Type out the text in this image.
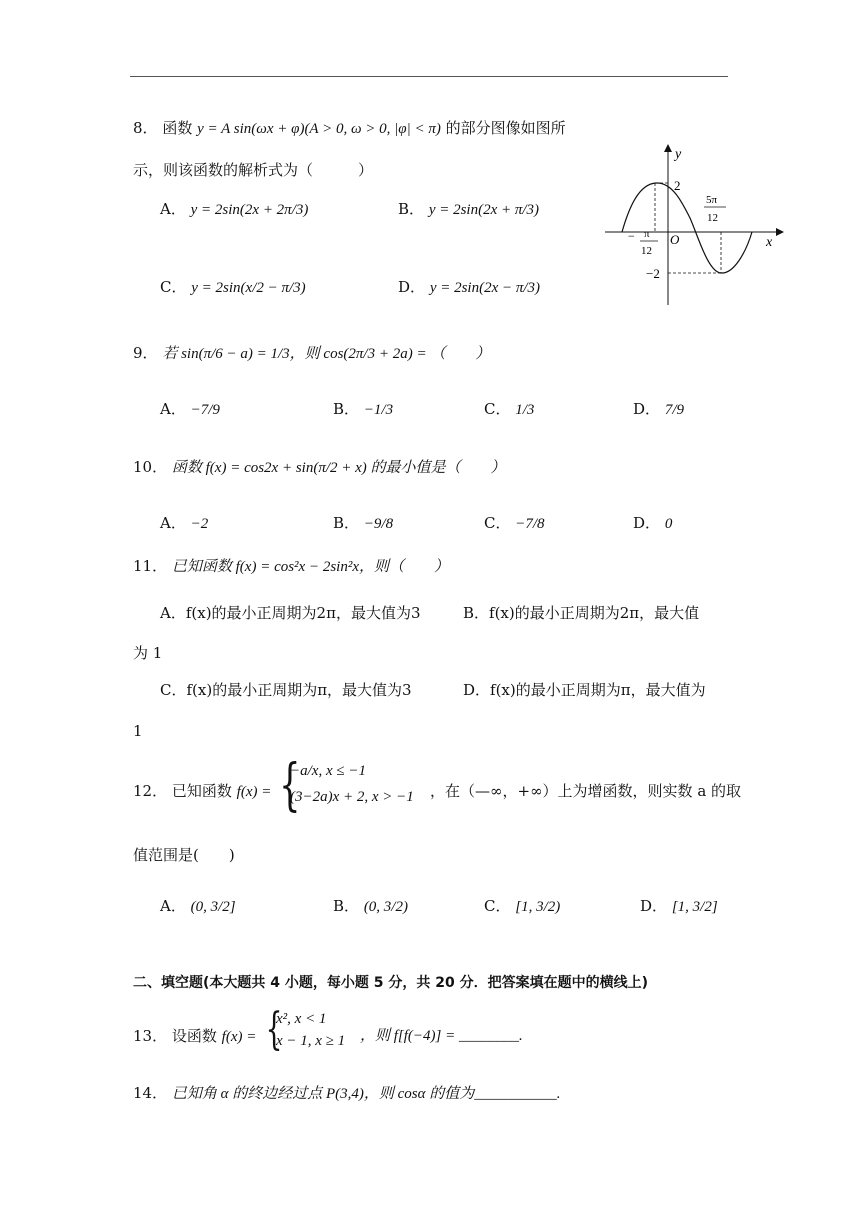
8． 函数 y = A sin(ωx + φ)(A > 0, ω > 0, |φ| < π) 的部分图像如图所
示，则该函数的解析式为（　　　）
A． y = 2sin(2x + 2π/3)	B． y = 2sin(2x + π/3)
C． y = 2sin(x/2 − π/3)	D． y = 2sin(2x − π/3)
y
x
O
2
−2
− π
12
5π
12
9． 若 sin(π/6 − a) = 1/3，则 cos(2π/3 + 2a) = （　　）
A． −7/9	B． −1/3	C． 1/3	D． 7/9
10． 函数 f(x) = cos2x + sin(π/2 + x) 的最小值是（　　）
A． −2	B． −9/8	C． −7/8	D． 0
11． 已知函数 f(x) = cos²x − 2sin²x，则（　　）
A．f(x)的最小正周期为2π，最大值为3	B．f(x)的最小正周期为2π，最大值
为 1
C．f(x)的最小正周期为π，最大值为3	D．f(x)的最小正周期为π，最大值为
1
12． 已知函数 f(x) = {
−a/x, x ≤ −1
(3−2a)x + 2, x > −1	，在（—∞，+∞）上为增函数，则实数 a 的取
值范围是(　　)
A． (0, 3/2]	B． (0, 3/2)	C． [1, 3/2)	D． [1, 3/2]
二、填空题(本大题共 4 小题，每小题 5 分，共 20 分．把答案填在题中的横线上)
13． 设函数 f(x) = {
x², x < 1
x − 1, x ≥ 1 ，则 f[f(−4)] = ________.
14． 已知角 α 的终边经过点 P(3,4)，则 cosα 的值为___________.
